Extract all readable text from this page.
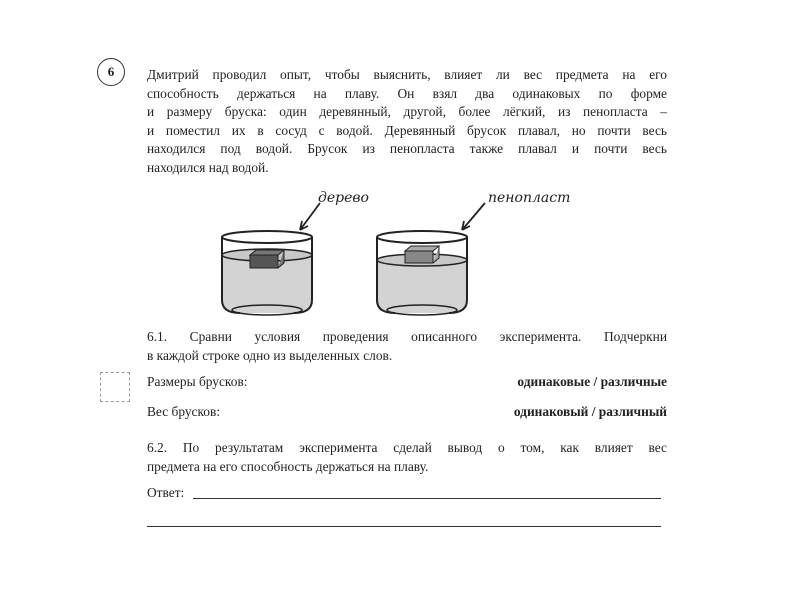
6	Дмитрий проводил опыт, чтобы выяснить, влияет ли вес предмета на его
способность держаться на плаву. Он взял два одинаковых по форме
и размеру бруска: один деревянный, другой, более лёгкий, из пенопласта –
и поместил их в сосуд с водой. Деревянный брусок плавал, но почти весь
находился под водой. Брусок из пенопласта также плавал и почти весь
находился над водой.
дерево	пенопласт
6.1. Сравни условия проведения описанного эксперимента. Подчеркни
в каждой строке одно из выделенных слов.
Размеры брусков:	одинаковые / различные
Вес брусков:	одинаковый / различный
6.2. По результатам эксперимента сделай вывод о том, как влияет вес
предмета на его способность держаться на плаву.
Ответ:
